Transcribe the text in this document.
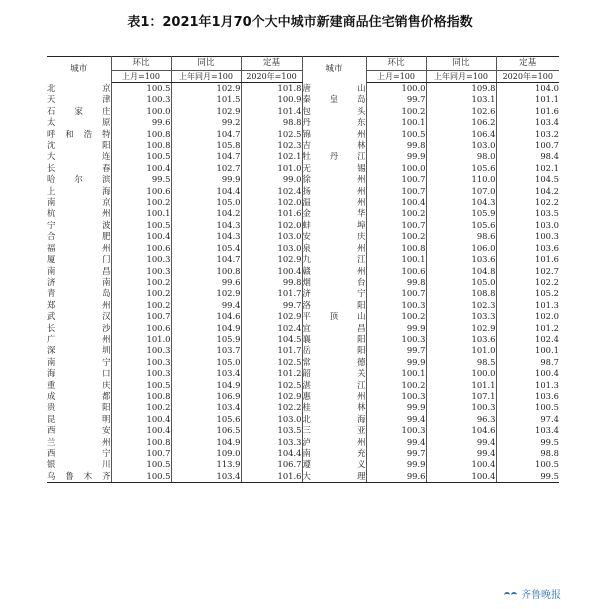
表1：2021年1月70个大中城市新建商品住宅销售价格指数
城市	环比	同比	定基	城市	环比	同比	定基
	上月=100	上年同月=100	2020年=100		上月=100	上年同月=100	2020年=100
北　京	100.5	102.9	101.8	唐　山	100.0	109.8	104.0
天　津	100.3	101.5	100.9	秦皇岛	99.7	103.1	101.1
石家庄	100.0	102.9	101.4	包　头	100.2	102.6	101.6
太　原	99.6	99.2	98.8	丹　东	100.1	106.2	103.4
呼和浩特	100.8	104.7	102.5	锦　州	100.5	106.4	103.2
沈　阳	100.8	105.8	102.3	吉　林	99.8	103.0	100.7
大　连	100.5	104.7	102.1	牡丹江	99.9	98.0	98.4
长　春	100.4	102.7	101.0	无　锡	100.0	105.6	102.1
哈尔滨	99.5	99.9	99.0	徐　州	100.7	110.0	104.5
上　海	100.6	104.4	102.4	扬　州	100.7	107.0	104.2
南　京	100.2	105.0	102.0	温　州	100.4	104.3	102.2
杭　州	100.1	104.2	101.6	金　华	100.2	105.9	103.5
宁　波	100.5	104.3	102.0	蚌　埠	100.7	105.6	103.0
合　肥	100.4	104.3	103.0	安　庆	100.2	98.6	100.3
福　州	100.6	105.4	103.0	泉　州	100.8	106.0	103.6
厦　门	100.3	104.7	102.9	九　江	100.1	103.6	101.6
南　昌	100.3	100.8	100.4	赣　州	100.6	104.8	102.7
济　南	100.2	99.6	99.8	烟　台	99.8	105.0	102.2
青　岛	100.2	102.9	101.7	济　宁	100.7	108.8	105.2
郑　州	100.2	99.4	99.7	洛　阳	100.3	102.3	101.3
武　汉	100.7	104.6	102.9	平顶山	100.2	103.3	102.0
长　沙	100.6	104.9	102.4	宜　昌	99.9	102.9	101.2
广　州	101.0	105.9	104.5	襄　阳	100.3	103.6	102.4
深　圳	100.3	103.7	101.7	岳　阳	99.7	101.0	100.1
南　宁	100.3	105.0	102.5	常　德	99.9	98.5	98.7
海　口	100.3	103.4	101.2	韶　关	100.1	100.0	100.4
重　庆	100.5	104.9	102.5	湛　江	100.2	101.1	101.3
成　都	100.8	106.9	102.9	惠　州	100.3	107.1	103.6
贵　阳	100.2	103.4	102.2	桂　林	99.9	100.3	100.5
昆　明	100.4	105.6	103.0	北　海	99.4	96.3	97.4
西　安	100.4	106.5	103.5	三　亚	100.3	104.6	103.4
兰　州	100.8	104.9	103.3	泸　州	99.4	99.4	99.5
西　宁	100.7	109.0	104.4	南　充	99.7	99.4	98.8
银　川	100.5	113.9	106.7	遵　义	99.9	100.4	100.5
乌鲁木齐	100.5	103.4	101.6	大　理	99.6	100.4	99.5
齐鲁晚报
